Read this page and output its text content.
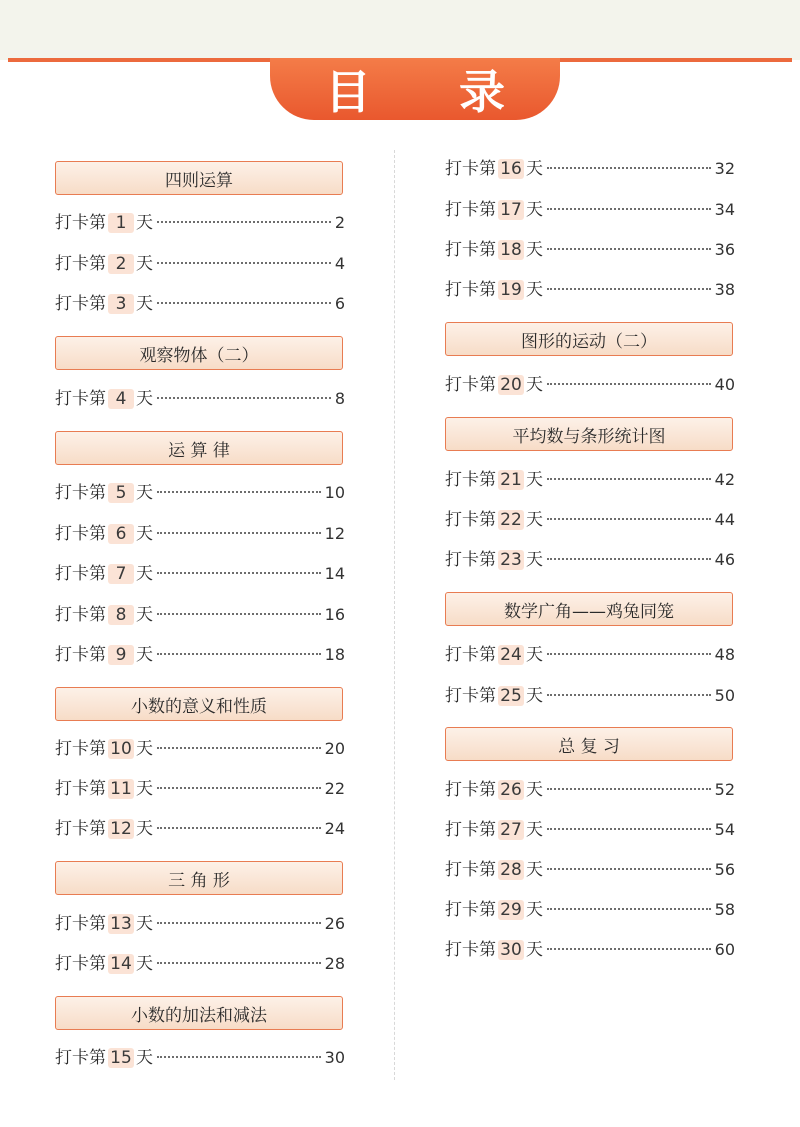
目 录
四则运算
打卡第 1 天	2
打卡第 2 天	4
打卡第 3 天	6
观察物体（二）
打卡第 4 天	8
运 算 律
打卡第 5 天	10
打卡第 6 天	12
打卡第 7 天	14
打卡第 8 天	16
打卡第 9 天	18
小数的意义和性质
打卡第 10 天	20
打卡第 11 天	22
打卡第 12 天	24
三 角 形
打卡第 13 天	26
打卡第 14 天	28
小数的加法和减法
打卡第 15 天	30
打卡第 16 天	32
打卡第 17 天	34
打卡第 18 天	36
打卡第 19 天	38
图形的运动（二）
打卡第 20 天	40
平均数与条形统计图
打卡第 21 天	42
打卡第 22 天	44
打卡第 23 天	46
数学广角——鸡兔同笼
打卡第 24 天	48
打卡第 25 天	50
总 复 习
打卡第 26 天	52
打卡第 27 天	54
打卡第 28 天	56
打卡第 29 天	58
打卡第 30 天	60
